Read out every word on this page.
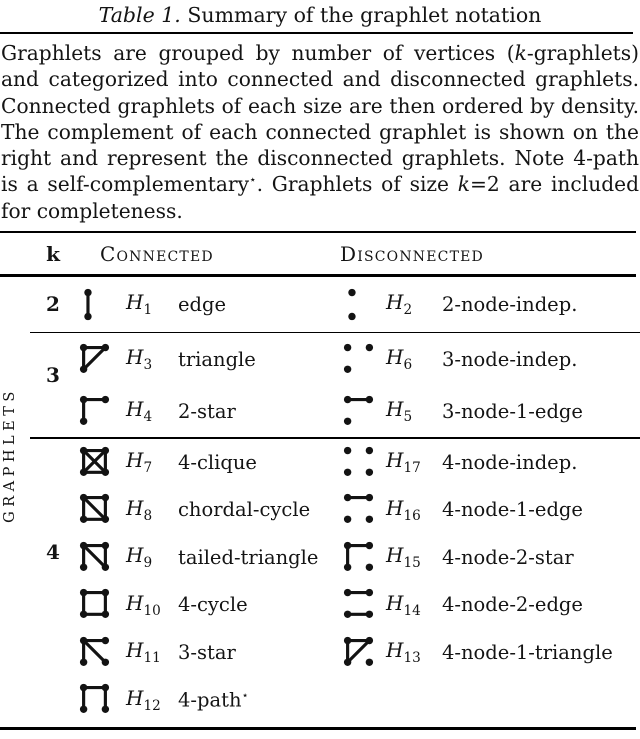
Table 1. Summary of the graphlet notation

Graphlets are grouped by number of vertices (k-graphlets) and categorized into connected and disconnected graphlets. Connected graphlets of each size are then ordered by density. The complement of each connected graphlet is shown on the right and represent the disconnected graphlets. Note 4-path is a self-complementary⋆. Graphlets of size k=2 are included for completeness.

k	Connected	Disconnected
GRAPHLETS
2	$H_1$	edge	$H_2$	2-node-indep.
3
$H_3$	triangle	$H_6$	3-node-indep.
$H_4$	2-star	$H_5$	3-node-1-edge
4
$H_7$	4-clique	$H_{17}$	4-node-indep.
$H_8$	chordal-cycle	$H_{16}$	4-node-1-edge
$H_9$	tailed-triangle	$H_{15}$	4-node-2-star
$H_{10}$ 4-cycle	$H_{14}$	4-node-2-edge
$H_{11}$ 3-star	$H_{13}$	4-node-1-triangle
$H_{12}$ 4-path⋆
